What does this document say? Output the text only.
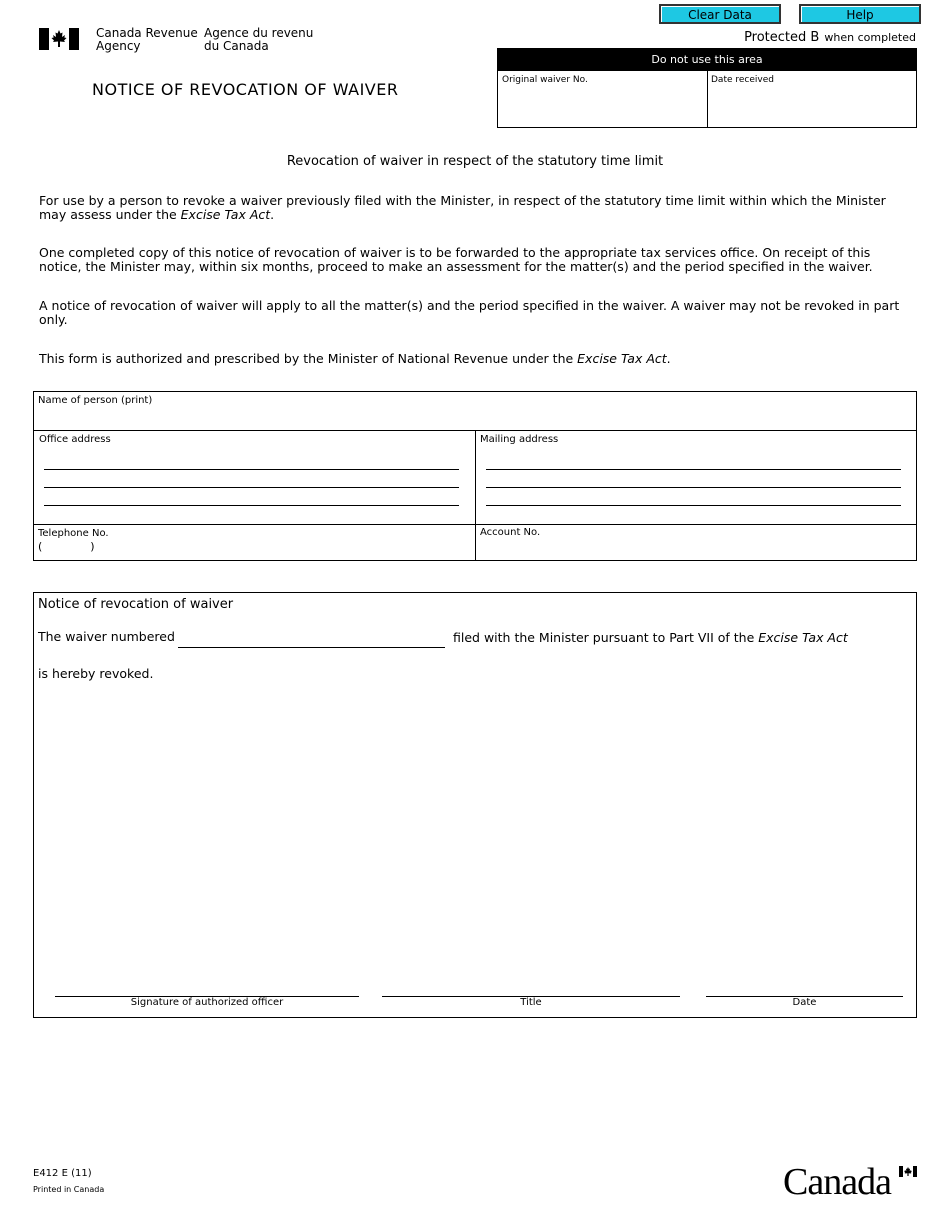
Clear Data	Help
Canada Revenue
Agency
Agence du revenu
du Canada
Protected B when completed
NOTICE OF REVOCATION OF WAIVER
Do not use this area
Original waiver No.	Date received
Revocation of waiver in respect of the statutory time limit
For use by a person to revoke a waiver previously filed with the Minister, in respect of the statutory time limit within which the Minister may assess under the Excise Tax Act.
One completed copy of this notice of revocation of waiver is to be forwarded to the appropriate tax services office. On receipt of this notice, the Minister may, within six months, proceed to make an assessment for the matter(s) and the period specified in the waiver.
A notice of revocation of waiver will apply to all the matter(s) and the period specified in the waiver. A waiver may not be revoked in part only.
This form is authorized and prescribed by the Minister of National Revenue under the Excise Tax Act.
Name of person (print)
Office address	Mailing address
Telephone No.
(	)
Account No.
Notice of revocation of waiver
The waiver numbered	filed with the Minister pursuant to Part VII of the Excise Tax Act
is hereby revoked.
Signature of authorized officer	Title	Date
E412 E (11)
Printed in Canada	Canada
